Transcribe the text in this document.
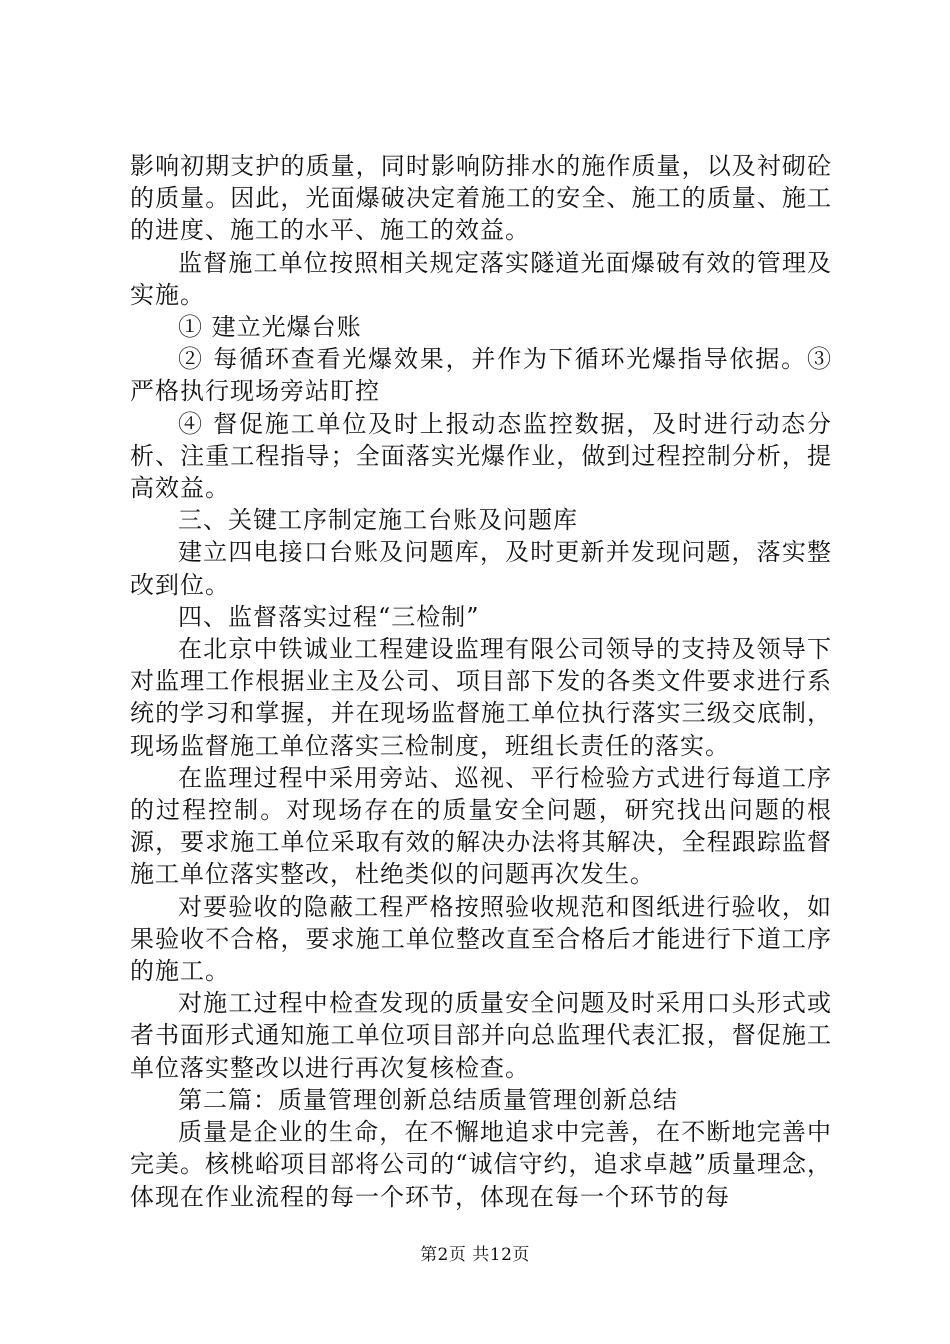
影响初期支护的质量，同时影响防排水的施作质量，以及衬砌砼的质量。因此，光面爆破决定着施工的安全、施工的质量、施工的进度、施工的水平、施工的效益。

监督施工单位按照相关规定落实隧道光面爆破有效的管理及实施。

① 建立光爆台账

② 每循环查看光爆效果，并作为下循环光爆指导依据。③严格执行现场旁站盯控

④ 督促施工单位及时上报动态监控数据，及时进行动态分析、注重工程指导；全面落实光爆作业，做到过程控制分析，提高效益。

三、关键工序制定施工台账及问题库

建立四电接口台账及问题库，及时更新并发现问题，落实整改到位。

四、监督落实过程“三检制”

在北京中铁诚业工程建设监理有限公司领导的支持及领导下对监理工作根据业主及公司、项目部下发的各类文件要求进行系统的学习和掌握，并在现场监督施工单位执行落实三级交底制，现场监督施工单位落实三检制度，班组长责任的落实。

在监理过程中采用旁站、巡视、平行检验方式进行每道工序的过程控制。对现场存在的质量安全问题，研究找出问题的根源，要求施工单位采取有效的解决办法将其解决，全程跟踪监督施工单位落实整改，杜绝类似的问题再次发生。

对要验收的隐蔽工程严格按照验收规范和图纸进行验收，如果验收不合格，要求施工单位整改直至合格后才能进行下道工序的施工。

对施工过程中检查发现的质量安全问题及时采用口头形式或者书面形式通知施工单位项目部并向总监理代表汇报，督促施工单位落实整改以进行再次复核检查。

第二篇：质量管理创新总结质量管理创新总结

质量是企业的生命，在不懈地追求中完善，在不断地完善中完美。核桃峪项目部将公司的“诚信守约，追求卓越”质量理念，体现在作业流程的每一个环节，体现在每一个环节的每

第2页 共12页
